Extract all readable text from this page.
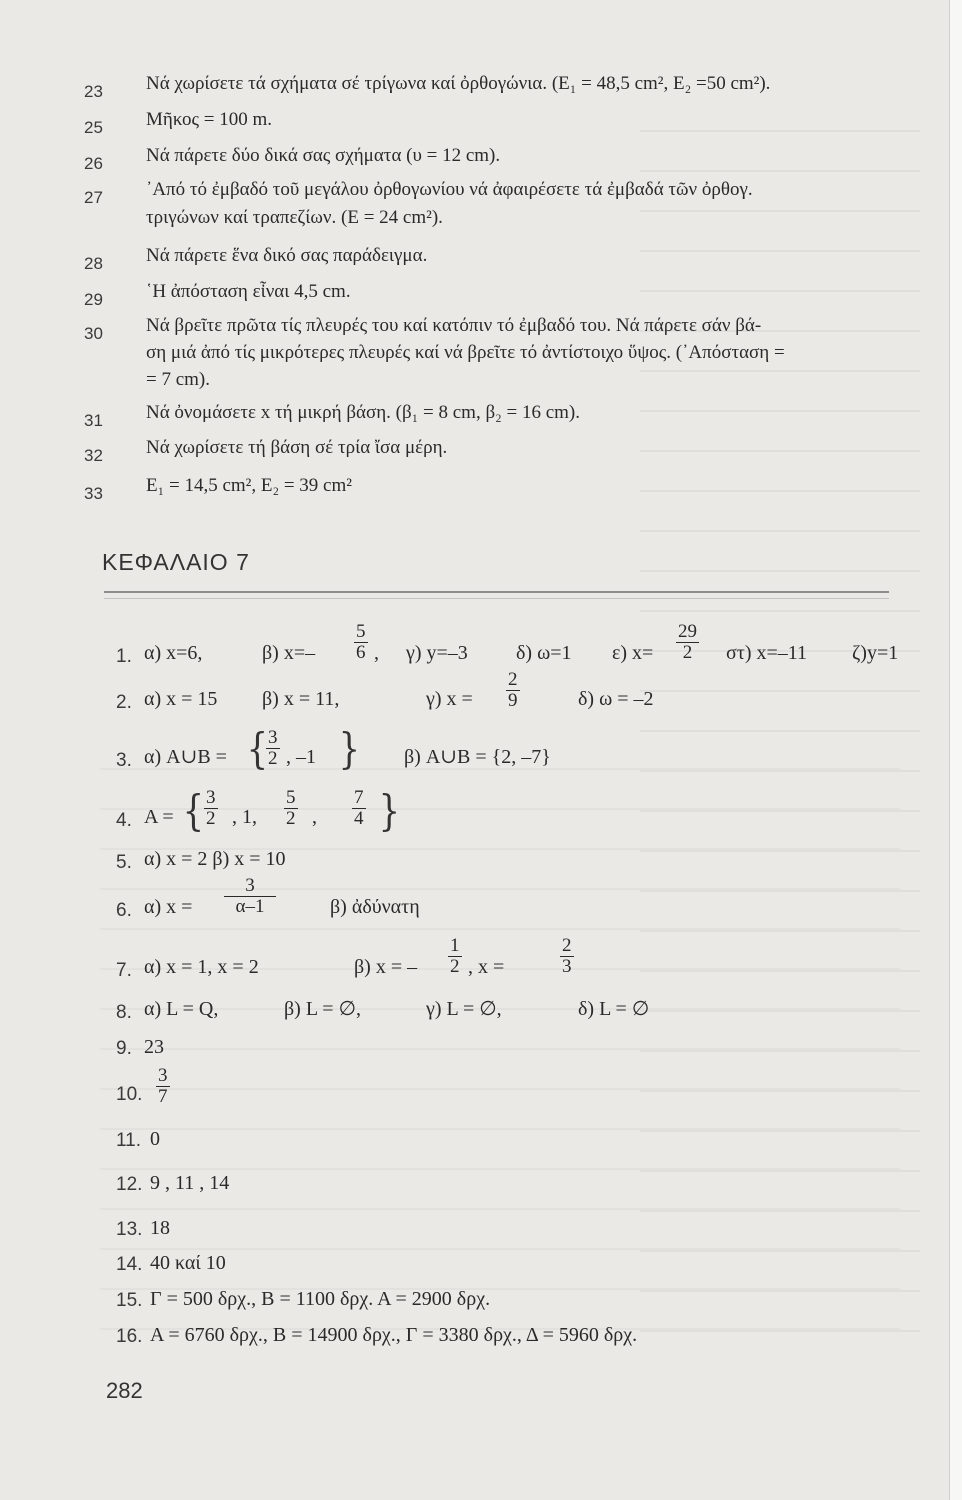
23 Νά χωρίσετε τά σχήματα σέ τρίγωνα καί ὀρθογώνια. (Ε₁ = 48,5 cm², Ε₂ =50 cm²).
25 Μῆκος = 100 m.
26 Νά πάρετε δύο δικά σας σχήματα (υ = 12 cm).
27 ᾽Από τό ἐμβαδό τοῦ μεγάλου ὀρθογωνίου νά ἀφαιρέσετε τά ἐμβαδά τῶν ὀρθογ.
τριγώνων καί τραπεζίων. (Ε = 24 cm²).
28 Νά πάρετε ἕνα δικό σας παράδειγμα.
29 ῾Η ἀπόσταση εἶναι 4,5 cm.
30 Νά βρεῖτε πρῶτα τίς πλευρές του καί κατόπιν τό ἐμβαδό του. Νά πάρετε σάν βά-
ση μιά ἀπό τίς μικρότερες πλευρές καί νά βρεῖτε τό ἀντίστοιχο ὕψος. (᾽Απόσταση =
= 7 cm).
31 Νά ὀνομάσετε x τή μικρή βάση. (β₁ = 8 cm, β₂ = 16 cm).
32 Νά χωρίσετε τή βάση σέ τρία ἴσα μέρη.
33 Ε₁ = 14,5 cm², Ε₂ = 39 cm²
ΚΕΦΑΛΑΙΟ 7
1. α) x=6,	β) $x=- \frac{5}{6}$ , γ) y=–3 δ) ω=1 ε) $x= \frac{29}{2} \sigma\tau$) x=–11 ζ)y=1
2. α) x = 15 β) x = 11,	γ) $x = \frac{2}{9}$	δ) ω = –2
3. α) A∪B = {
$\frac{3}{2}$ , –1 } β) A∪B = {2, –7}
4. A = { $\frac{3}{2}$ , 1, $\frac{5}{2}$ , $\frac{7}{4}$ }
5. α) x = 2 β) x = 10
6. α) $x = \frac{3}{\alpha-1}$	β) ἀδύνατη
7. α) x = 1, x = 2	β) x = – $\frac{1}{2}$ , x =	$\frac{2}{3}$
8. α) L = Q,	β) L = ∅,	γ) L = ∅,	δ) L = ∅
9. 23
10. $\frac{3}{7}$
11. 0
12. 9 , 11 , 14
13. 18
14. 40 καί 10
15. Γ = 500 δρχ., Β = 1100 δρχ. Α = 2900 δρχ.
16. Α = 6760 δρχ., Β = 14900 δρχ., Γ = 3380 δρχ., Δ = 5960 δρχ.
282
